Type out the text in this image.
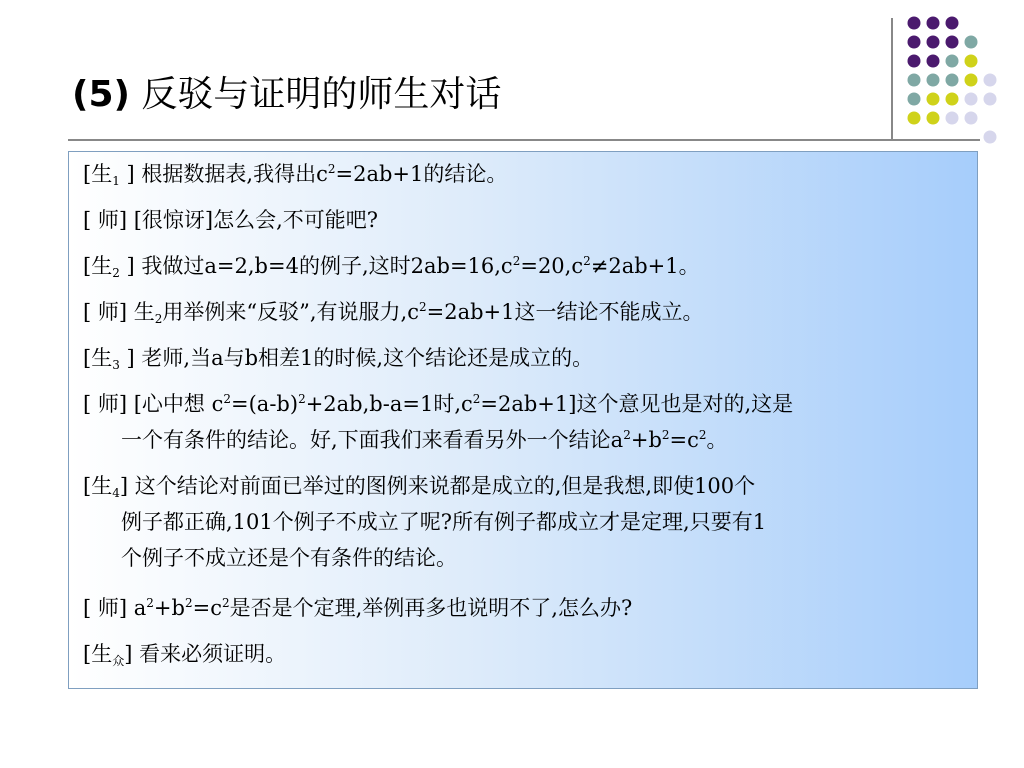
(5) 反驳与证明的师生对话
[生$_1$ ] 根据数据表,我得出$c^2=2ab+1$的结论。
[ 师] [很惊讶]怎么会,不可能吧?
[生$_2$ ] 我做过a=2,b=4的例子,这时$2ab=16,c^2=20,c^2\ne 2ab+1$。
[ 师] 生$_2$用举例来“反驳”,有说服力$,c^2=2ab+1$这一结论不能成立。
[生$_3$ ] 老师,当a与b相差1的时候,这个结论还是成立的。
[ 师] [心中想 $c^2=(a-b)^2+2ab,b-a=1$时$,c^2=2ab+1$]这个意见也是对的,这是
一个有条件的结论。好,下面我们来看看另外一个结论$a^2+b^2=c^2$。
[生$_4$] 这个结论对前面已举过的图例来说都是成立的,但是我想,即使100个
例子都正确,101个例子不成立了呢?所有例子都成立才是定理,只要有1
个例子不成立还是个有条件的结论。
[ 师] $a^2+b^2=c^2$是否是个定理,举例再多也说明不了,怎么办?
[生$_众$] 看来必须证明。
